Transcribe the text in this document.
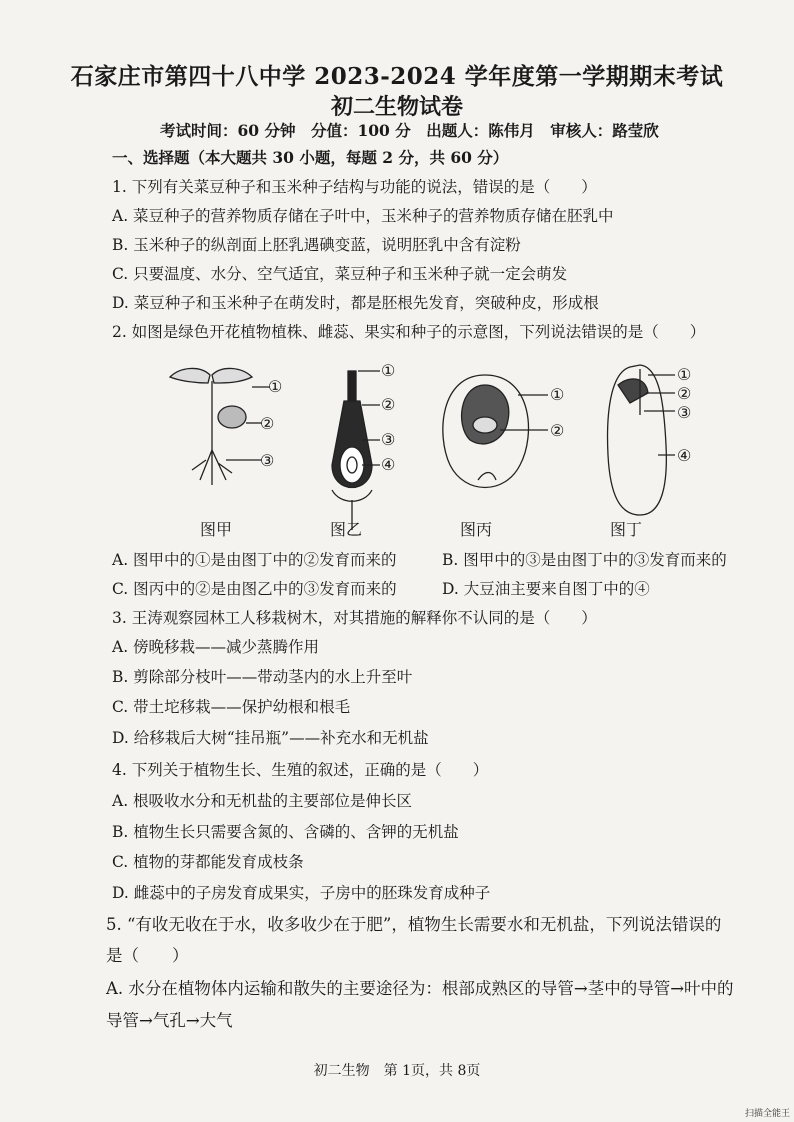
石家庄市第四十八中学 2023-2024 学年度第一学期期末考试
初二生物试卷
考试时间：60 分钟　分值：100 分　出题人：陈伟月　审核人：路莹欣
一、选择题（本大题共 30 小题，每题 2 分，共 60 分）
1. 下列有关菜豆种子和玉米种子结构与功能的说法，错误的是（　　）
A. 菜豆种子的营养物质存储在子叶中，玉米种子的营养物质存储在胚乳中
B. 玉米种子的纵剖面上胚乳遇碘变蓝，说明胚乳中含有淀粉
C. 只要温度、水分、空气适宜，菜豆种子和玉米种子就一定会萌发
D. 菜豆种子和玉米种子在萌发时，都是胚根先发育，突破种皮，形成根
2. 如图是绿色开花植物植株、雌蕊、果实和种子的示意图，下列说法错误的是（　　）
①
②
③
①
②
③
④
①
②
①
②
③
④
图甲	图乙	图丙	图丁
A. 图甲中的①是由图丁中的②发育而来的	B. 图甲中的③是由图丁中的③发育而来的
C. 图丙中的②是由图乙中的③发育而来的	D. 大豆油主要来自图丁中的④
3. 王涛观察园林工人移栽树木，对其措施的解释你不认同的是（　　）
A. 傍晚移栽——减少蒸腾作用
B. 剪除部分枝叶——带动茎内的水上升至叶
C. 带土坨移栽——保护幼根和根毛
D. 给移栽后大树“挂吊瓶”——补充水和无机盐
4. 下列关于植物生长、生殖的叙述，正确的是（　　）
A. 根吸收水分和无机盐的主要部位是伸长区
B. 植物生长只需要含氮的、含磷的、含钾的无机盐
C. 植物的芽都能发育成枝条
D. 雌蕊中的子房发育成果实，子房中的胚珠发育成种子
5. “有收无收在于水，收多收少在于肥”，植物生长需要水和无机盐，下列说法错误的
是（　　）
A. 水分在植物体内运输和散失的主要途径为：根部成熟区的导管→茎中的导管→叶中的
导管→气孔→大气
初二生物　第 1页，共 8页
扫描全能王
